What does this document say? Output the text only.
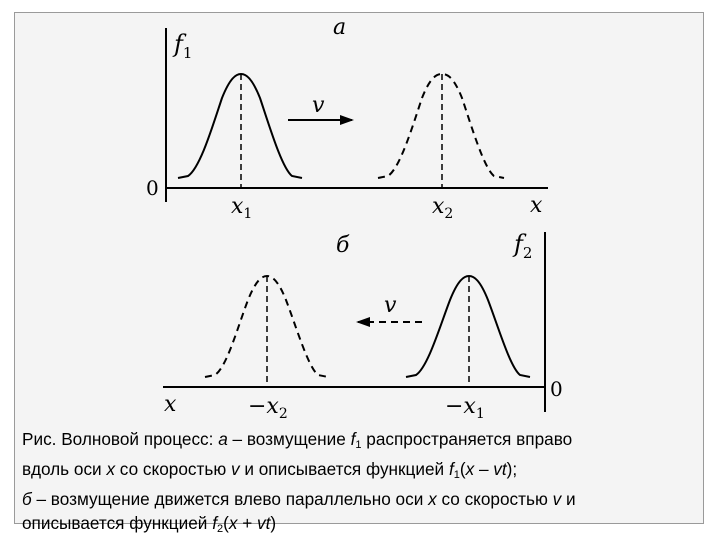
a
$f_1$
v
0
$x_1$	$x_2$	x
б	$f_2$
v
0
x	$-x_2$	$-x_1$
Рис. Волновой процесс: а – возмущение $f_1$ распространяется вправо
вдоль оси x со скоростью v и описывается функцией $f_1(x - vt)$;
б – возмущение движется влево параллельно оси x со скоростью v и
описывается функцией $f_2(x + vt)$
